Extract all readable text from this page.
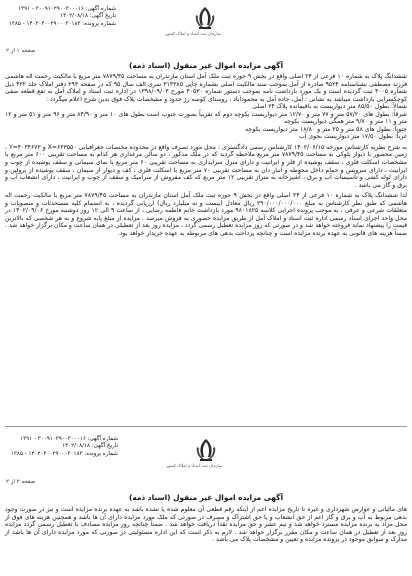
شماره آگهی: ۳۰۰۹۱۰۲۹۰۰۳۰۰۰۱۶ - ۱۳۹۱
تاریخ آگهی: ۱۴۰۲/۰۸/۱۸
شماره پرونده: ۱۴۰۲۰۴۰۰۲۹۰۰۰۳۰۱۸۳ - ۱۳۸۵
سازمان ثبت اسناد و املاک کشور
صفحه ۱ از ۲
آگهی مزایده اموال غیر منقول (اسناد ذمه)

ششدانگ پلاک به شماره ۱۰ فرعی از ۲۴ اصلی واقع در بخش ۹ حوزه ثبت ملک آمل استان مازندران به مساحت ۷۸۷۹/۴۵ متر مربع با مالکیت رحمت اله هاشمی فرزند مصطفی بشناسنامه ۹۵۲۴ صادره از آمل بموجب سند مالکیت اصلی بشماره چاپی ۳۱۴۳۸۵ سری الف سال ۹۵ که در صفحه ۲۹۳ دفتر املاک جلد ۴۳۲ ذیل شماره ۴۰۰۵ ثبت گردیده است و یک مورد بازداشت نامه بموجب دستور شماره ۴۰۵۳۰ مورخ ۱۳۹۸/۰۹/۰۳ در اداره ثبت اسناد و املاک آمل به نفع قطعه صفی کوچکسرایی بازداشت میباشد به نشانی : آمل، جاده آمل به محمودآباد ، روستای کوسه رز حدود و مشخصات پلاک فوق بدین شرح اعلام میگردد :

شمالاً: بطول ۸۵/۵۰ متر دیواریست به باقیمانده پلاک ۲۴ اصلی

شرقاً: بطول های ۵۷/۲۰ متر و ۷۷ متر و ۱۲/۷۰ متر دیواریست بکوچه دوم که تقریباً بصورت جنوب است بطول های ۱۰ متر و ۸۴/۹۰ متر و ۹۶ متر و ۵۱ متر و ۱۲ متر و ۱۱ متر و ۹/۷۰ متر همگی دیواریست بکوچه

جنوباً: بطول های ۵۸ متر و ۲۵ متر و ۱۸/۸۰ متر دیواریست بکوچه

غرباً: بطول ۱۷/۵۰ متر دیواریست بجوی آب

به شرح نظریه کارشناس مورخه ۱۴۰۲/۰۶/۱۵ کارشناس رسمی دادگستری : محل مورد تصرف واقع در محدوده مختصات جغرافیایی X=۶۲۳۵۵۰ و Y=۴۰۳۴۶۷۳ ، زمین محصور با دیوار بلوکی به مساحت ۷۸۷۹/۴۵ متر مربع ملاحظه گردید که در ملک مذکور ، دو سالن مرغداری هر کدام به مساحت تقریبی ۶۰۰ متر مربع با مشخصات اسکلت فلزی ، سقف پوشیده از فلز و ایرانیت و دارای منزل سرایداری به مساحت تقریبی ۶۰ متر مربع با نمای سیمانی و سقف پوشیده از چوب و ایرانیت ، دارای سرویس و حمام داخل محوطه و انبار دان به مساحت تقریبی ۷۰ متر مربع با اسکلت فلزی ، کف و دیوار از سیمان ، سقف پوشیده از پرولین و دارای لوله کشی و تاسیسات آب و برق ، آشپزخانه به متراژ تقریبی ۱۲ متر مربع که کف مفروش از سرامیک و سقف از چوب و ایرانیت ، دارای انشعاب آب و برق و گاز می باشد .

لذا ششدانگ پلاک به شماره ۱۰ فرعی از ۲۴ اصلی واقع در بخش ۹ حوزه ثبت ملک آمل استان مازندران به مساحت ۷۸۷۹/۴۵ متر مربع با مالکیت رحمت اله هاشمی که طبق نظر کارشناس به مبلغ ۲۹۰/۰۰۰/۰۰۰/۰۰۰ ریال معادل (بیست و نه میلیارد ریال) ارزیابی گردیده ، به انضمام کلیه مستحدثات و منصوبات و متعلقات شرعی و عرفی ، به موجب پرونده اجرایی کلاسه ۹۸۰۱۸۲۵ مورد بازداشت خانم فاطمه رضایی ، از ساعت ۹ الی ۱۲ روز دوشنبه مورخ ۱۴۰۲/۰۹/۰۶ در محل واحد اجرای اسناد رسمی اداره ثبت اسناد و املاک آمل از طریق مزایده حضوری به فروش میرسد . مزایده از مبلغ پایه شروع و به هر شخصی که بالاترین قیمت را پیشنهاد نماید فروخته خواهد شد و در صورتی که روز مزایده تعطیل رسمی گردد ، مزایده روز بعد از تعطیلی در همان ساعت و مکان برگزار خواهد شد . ضمناً هزینه های قانونی به عهده برنده مزایده است و چنانچه پرداخت بدهی های مربوطه به عهده خریدار خواهد بود.

شماره آگهی: ۳۰۰۹۱۰۲۹۰۰۳۰۰۰۱۶ - ۱۳۹۱
تاریخ آگهی: ۱۴۰۲/۰۸/۱۸
شماره پرونده: ۱۴۰۲۰۴۰۰۲۹۰۰۰۳۰۱۸۳ - ۱۳۸۵
سازمان ثبت اسناد و املاک کشور
صفحه ۲ از ۲
آگهی مزایده اموال غیر منقول (اسناد ذمه)

های مالیاتی و عوارض شهرداری و غیره تا تاریخ مزایده اعم از اینکه رقم قطعی آن معلوم شده یا نشده باشد به عهده برنده مزایده است و نیز در صورت وجود بدهی مربوط به آب و برق و گاز اعم از حق انشعاب و یا حق اشتراک و مصرف در صورتی که ملک مورد مزایده دارای آن ها باشد و همچنین هزینه های فوق از محل مزاد به برنده مزایده مسترد خواهد شد و نیم عشر و حق مزایده نقداً دریافت خواهد شد . ضمناً چنانچه روز مزایده مصادف با تعطیل رسمی گردد مزایده روز بعد از تعطیل در همان ساعت و مکان مقرر برگزار خواهد شد . لازم به ذکر است که این اداره مسئولیتی در صورتی که مورد مزایده دارای آن ها باشد از مدارک و سوابق موجود در پرونده مزایده و تعیین و مشخصات پلاک می باشد .
